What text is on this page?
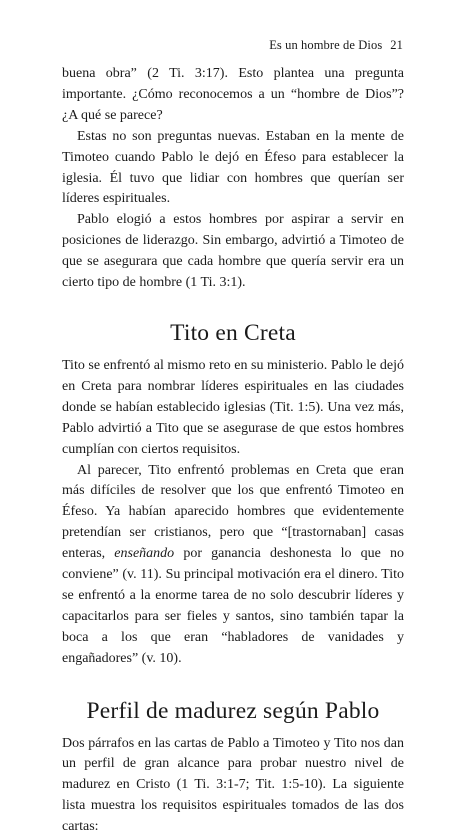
Es un hombre de Dios 21

buena obra” (2 Ti. 3:17). Esto plantea una pregunta importante. ¿Cómo reconocemos a un “hombre de Dios”? ¿A qué se parece?

Estas no son preguntas nuevas. Estaban en la mente de Timoteo cuando Pablo le dejó en Éfeso para establecer la iglesia. Él tuvo que lidiar con hombres que querían ser líderes espirituales.

Pablo elogió a estos hombres por aspirar a servir en posiciones de liderazgo. Sin embargo, advirtió a Timoteo de que se asegurara que cada hombre que quería servir era un cierto tipo de hombre (1 Ti. 3:1).

Tito en Creta

Tito se enfrentó al mismo reto en su ministerio. Pablo le dejó en Creta para nombrar líderes espirituales en las ciudades donde se habían establecido iglesias (Tit. 1:5). Una vez más, Pablo advirtió a Tito que se asegurase de que estos hombres cumplían con ciertos requisitos.

Al parecer, Tito enfrentó problemas en Creta que eran más difíciles de resolver que los que enfrentó Timoteo en Éfeso. Ya habían aparecido hombres que evidentemente pretendían ser cristianos, pero que “[trastornaban] casas enteras, enseñando por ganancia deshonesta lo que no conviene” (v. 11). Su principal motivación era el dinero. Tito se enfrentó a la enorme tarea de no solo descubrir líderes y capacitarlos para ser fieles y santos, sino también tapar la boca a los que eran “habladores de vanidades y engañadores” (v. 10).

Perfil de madurez según Pablo

Dos párrafos en las cartas de Pablo a Timoteo y Tito nos dan un perfil de gran alcance para probar nuestro nivel de madurez en Cristo (1 Ti. 3:1-7; Tit. 1:5-10). La siguiente lista muestra los requisitos espirituales tomados de las dos cartas:
